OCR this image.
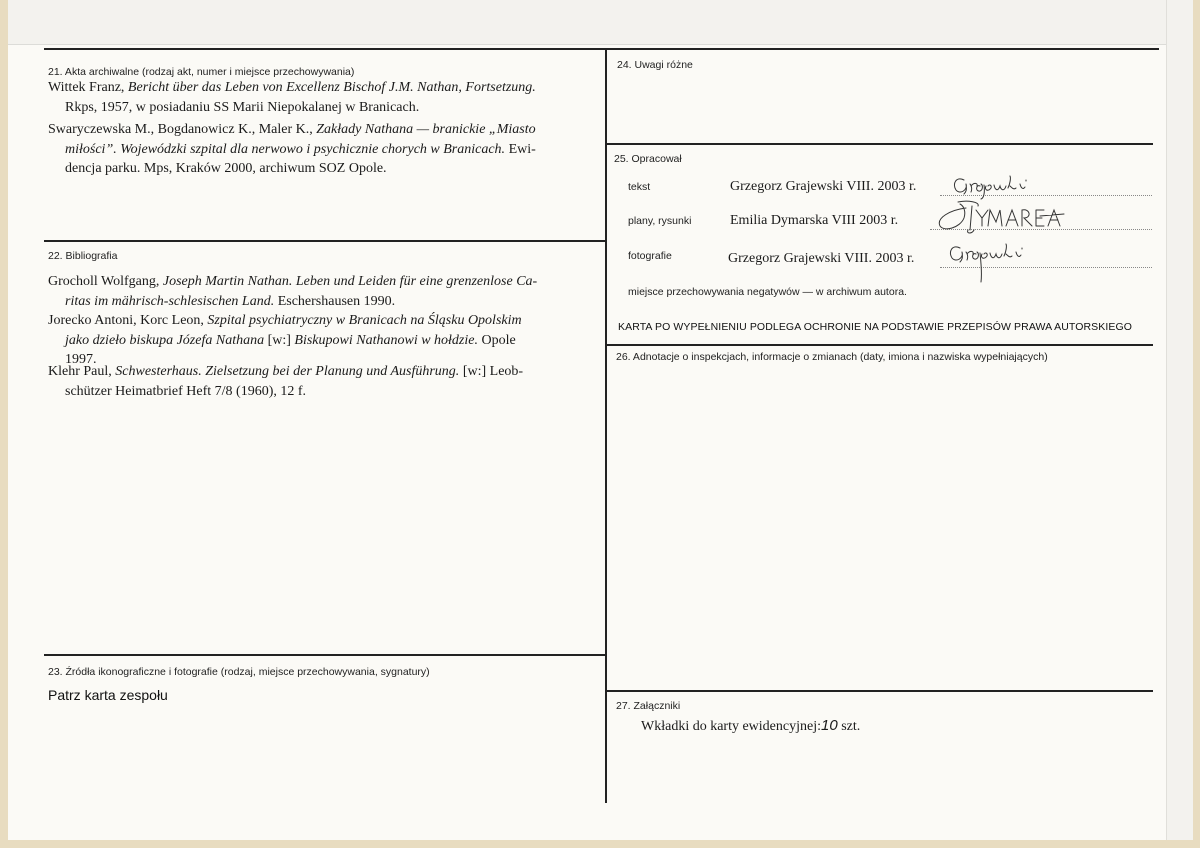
21. Akta archiwalne (rodzaj akt, numer i miejsce przechowywania)
Wittek Franz, Bericht über das Leben von Excellenz Bischof J.M. Nathan, Fortsetzung.
Rkps, 1957, w posiadaniu SS Marii Niepokalanej w Branicach.
Swaryczewska M., Bogdanowicz K., Maler K., Zakłady Nathana — branickie „Miasto
miłości”. Wojewódzki szpital dla nerwowo i psychicznie chorych w Branicach. Ewi-
dencja parku. Mps, Kraków 2000, archiwum SOZ Opole.
22. Bibliografia
Grocholl Wolfgang, Joseph Martin Nathan. Leben und Leiden für eine grenzenlose Ca-
ritas im mährisch-schlesischen Land. Eschershausen 1990.
Jorecko Antoni, Korc Leon, Szpital psychiatryczny w Branicach na Śląsku Opolskim
jako dzieło biskupa Józefa Nathana [w:] Biskupowi Nathanowi w hołdzie. Opole
1997.
Klehr Paul, Schwesterhaus. Zielsetzung bei der Planung und Ausführung. [w:] Leob-
schützer Heimatbrief Heft 7/8 (1960), 12 f.
23. Źródła ikonograficzne i fotografie (rodzaj, miejsce przechowywania, sygnatury)
Patrz karta zespołu
24. Uwagi różne
25. Opracował
tekst	Grzegorz Grajewski VIII. 2003 r.
plany, rysunki	Emilia Dymarska VIII 2003 r.
fotografie	Grzegorz Grajewski VIII. 2003 r.
miejsce przechowywania negatywów — w archiwum autora.
KARTA PO WYPEŁNIENIU PODLEGA OCHRONIE NA PODSTAWIE PRZEPISÓW PRAWA AUTORSKIEGO
26. Adnotacje o inspekcjach, informacje o zmianach (daty, imiona i nazwiska wypełniających)
27. Załączniki
Wkładki do karty ewidencyjnej:10 szt.
